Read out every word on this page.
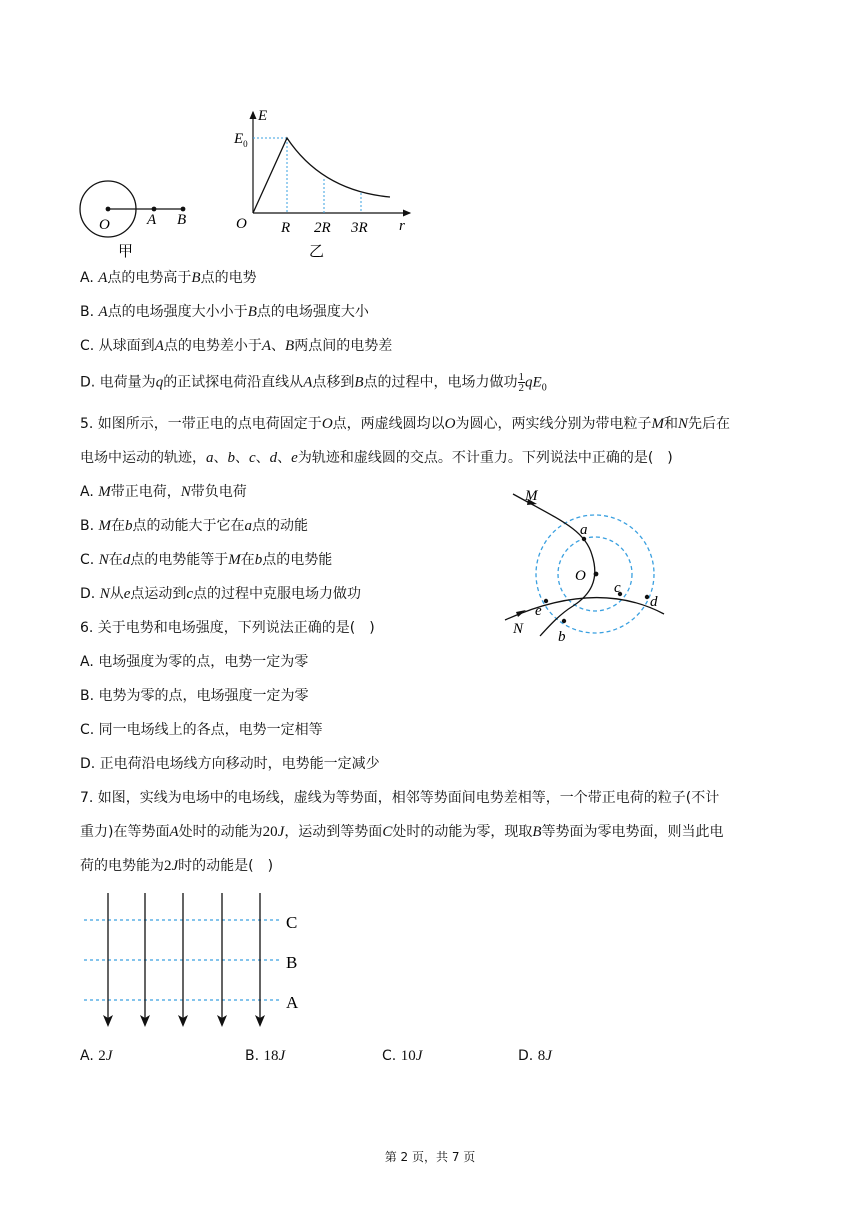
O A B
甲
E
$E_0$
O R 2R 3R r
乙
M
N
O
a
b
c
d
e
C
B
A
A. A点的电势高于B点的电势
B. A点的电场强度大小小于B点的电场强度大小
C. 从球面到A点的电势差小于A、B两点间的电势差
D. 电荷量为q的正试探电荷沿直线从A点移到B点的过程中，电场力做功 $\frac{1}{2} qE_0$
5. 如图所示，一带正电的点电荷固定于O点，两虚线圆均以O为圆心，两实线分别为带电粒子M和N先后在
电场中运动的轨迹，a、b、c、d、e为轨迹和虚线圆的交点。不计重力。下列说法中正确的是(　)
A. M带正电荷，N带负电荷
B. M在b点的动能大于它在a点的动能
C. N在d点的电势能等于M在b点的电势能
D. N从e点运动到c点的过程中克服电场力做功
6. 关于电势和电场强度，下列说法正确的是(　)
A. 电场强度为零的点，电势一定为零
B. 电势为零的点，电场强度一定为零
C. 同一电场线上的各点，电势一定相等
D. 正电荷沿电场线方向移动时，电势能一定减少
7. 如图，实线为电场中的电场线，虚线为等势面，相邻等势面间电势差相等，一个带正电荷的粒子(不计
重力)在等势面A处时的动能为20J，运动到等势面C处时的动能为零，现取B等势面为零电势面，则当此电
荷的电势能为2J时的动能是(　)
A. 2J	B. 18J	C. 10J	D. 8J
第 2 页，共 7 页
